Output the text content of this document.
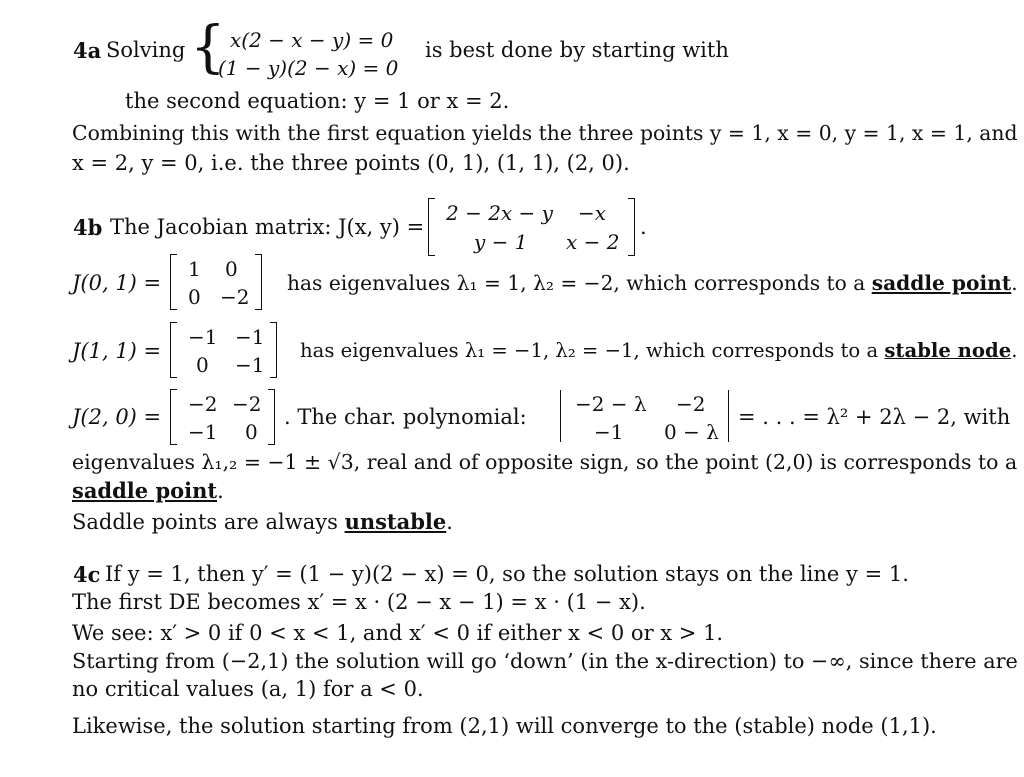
4a Solving { x(2 − x − y) = 0
(1 − y)(2 − x) = 0
is best done by starting with
the second equation: y = 1 or x = 2.
Combining this with the first equation yields the three points y = 1, x = 0, y = 1, x = 1, and
x = 2, y = 0, i.e. the three points (0, 1), (1, 1), (2, 0).
4b The Jacobian matrix: J(x, y) =
2 − 2x − y −x
y − 1 x − 2
.
J(0, 1) =
1 0
0 −2
has eigenvalues λ₁ = 1, λ₂ = −2, which corresponds to a saddle point.
J(1, 1) =
−1 −1
0 −1
has eigenvalues λ₁ = −1, λ₂ = −1, which corresponds to a stable node.
J(2, 0) =
−2 −2
−1 0
. The char. polynomial:
−2 − λ −2
−1 0 − λ
= . . . = λ² + 2λ − 2, with
eigenvalues λ₁,₂ = −1 ± √3, real and of opposite sign, so the point (2,0) is corresponds to a
saddle point.
Saddle points are always unstable.
4c If y = 1, then y′ = (1 − y)(2 − x) = 0, so the solution stays on the line y = 1.
The first DE becomes x′ = x · (2 − x − 1) = x · (1 − x).
We see: x′ > 0 if 0 < x < 1, and x′ < 0 if either x < 0 or x > 1.
Starting from (−2,1) the solution will go ‘down’ (in the x-direction) to −∞, since there are
no critical values (a, 1) for a < 0.
Likewise, the solution starting from (2,1) will converge to the (stable) node (1,1).
